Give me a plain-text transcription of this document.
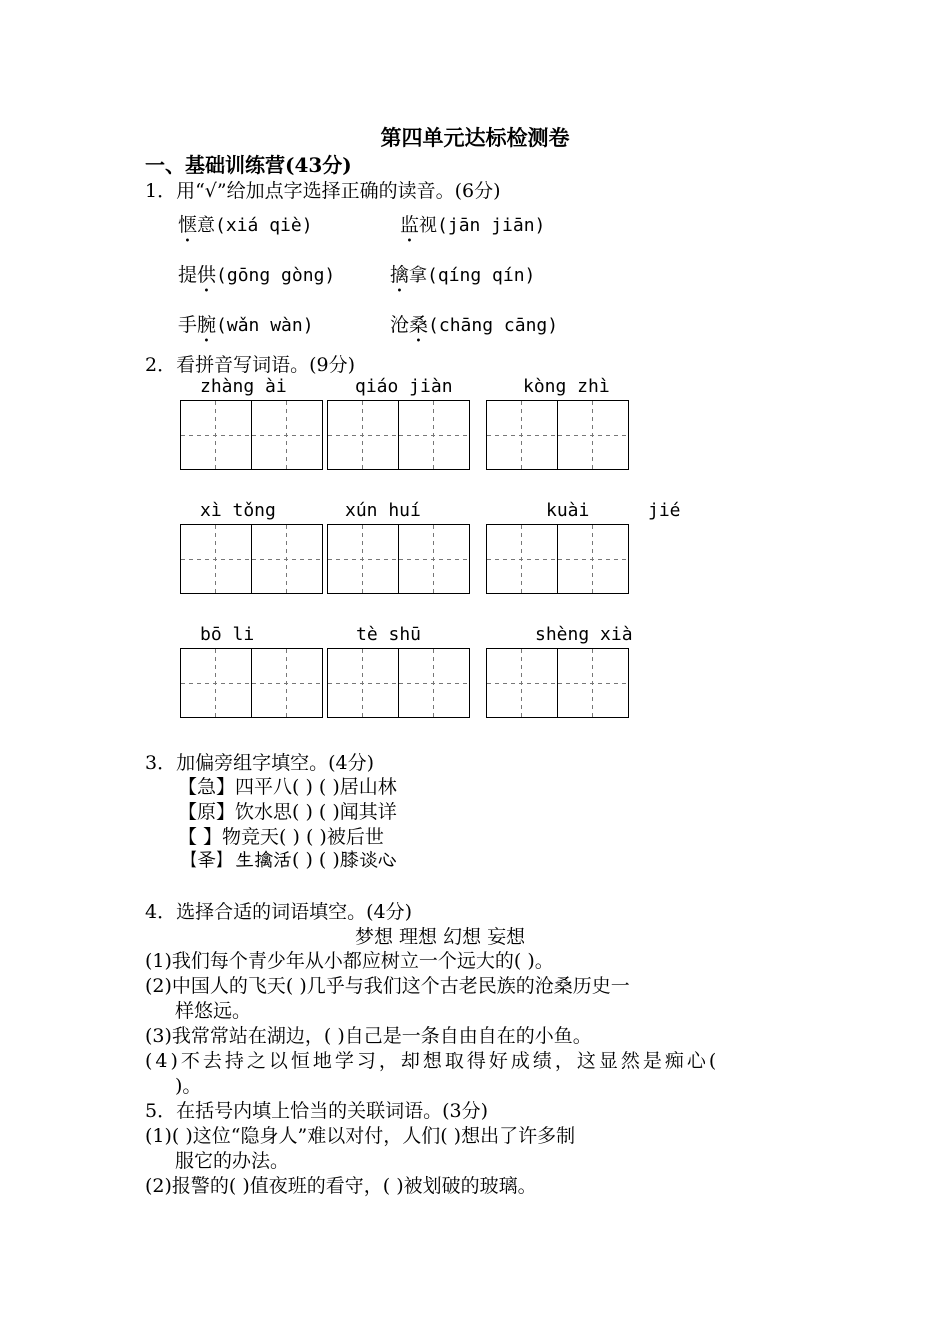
第四单元达标检测卷
一、基础训练营(43分)
1．用“√”给加点字选择正确的读音。(6分)
惬意(xiá qiè)	监视(jān jiān)
提供(gōng gòng)	擒拿(qíng qín)
手腕(wǎn wàn)	沧桑(chāng cāng)
2．看拼音写词语。(9分)
zhàng ài	qiáo jiàn	kòng zhì
xì tǒng	xún huí	kuài	jié
bō li	tè shū	shèng xià
3．加偏旁组字填空。(4分)
【急】四平八( ) ( )居山林
【原】饮水思( ) ( )闻其详
【 】物竞天( ) ( )被后世
【𠬤】生擒活( ) ( )膝谈心
4．选择合适的词语填空。(4分)
梦想 理想 幻想 妄想
(1)我们每个青少年从小都应树立一个远大的( )。
(2)中国人的飞天( )几乎与我们这个古老民族的沧桑历史一
样悠远。
(3)我常常站在湖边，( )自己是一条自由自在的小鱼。
(4)不去持之以恒地学习，却想取得好成绩，这显然是痴心(
)。
5．在括号内填上恰当的关联词语。(3分)
(1)( )这位“隐身人”难以对付，人们( )想出了许多制
服它的办法。
(2)报警的( )值夜班的看守，( )被划破的玻璃。
